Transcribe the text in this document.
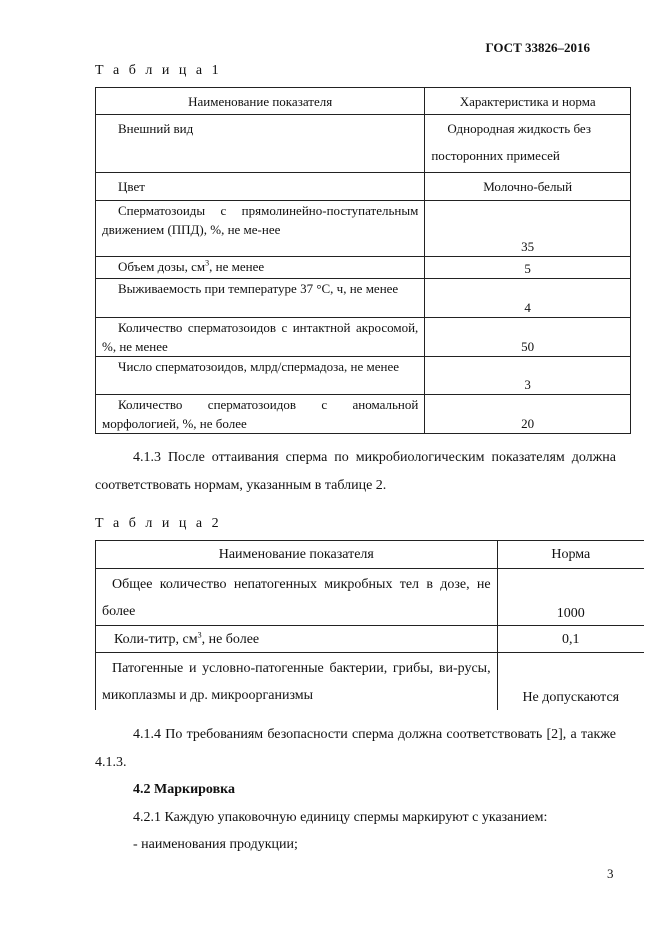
ГОСТ 33826–2016
Т а б л и ц а 1
Наименование показателя	Характеристика и норма
Внешний вид	Однородная жидкость без посторонних примесей
Цвет	Молочно-белый
Сперматозоиды с прямолинейно-поступательным движением (ППД), %, не ме-нее	35
Объем дозы, $см^3$, не менее	5
Выживаемость при температуре 37 °С, ч, не менее	4
Количество сперматозоидов с интактной акросомой, %, не менее	50
Число сперматозоидов, млрд/спермадоза, не менее	3
Количество сперматозоидов с аномальной морфологией, %, не более	20
4.1.3 После оттаивания сперма по микробиологическим показателям должна соответствовать нормам, указанным в таблице 2.
Т а б л и ц а 2
Наименование показателя	Норма
Общее количество непатогенных микробных тел в дозе, не более	1000
Коли-титр, $см^3$, не более	0,1
Патогенные и условно-патогенные бактерии, грибы, ви-русы, микоплазмы и др. микроорганизмы	Не допускаются
4.1.4 По требованиям безопасности сперма должна соответствовать [2], а также 4.1.3.
4.2 Маркировка
4.2.1 Каждую упаковочную единицу спермы маркируют с указанием:
- наименования продукции;
3
